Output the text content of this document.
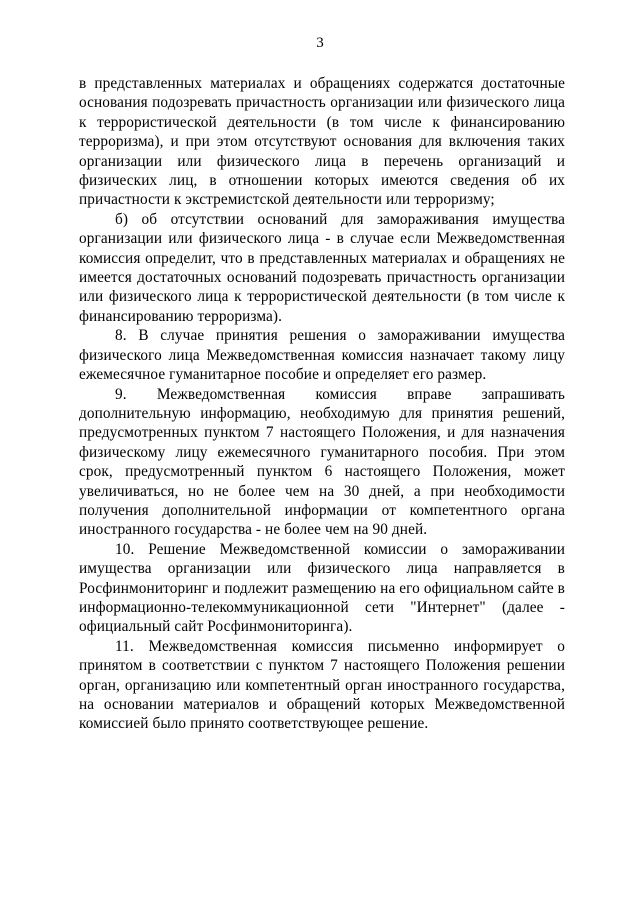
3

в представленных материалах и обращениях содержатся достаточные основания подозревать причастность организации или физического лица к террористической деятельности (в том числе к финансированию терроризма), и при этом отсутствуют основания для включения таких организации или физического лица в перечень организаций и физических лиц, в отношении которых имеются сведения об их причастности к экстремистской деятельности или терроризму;

б) об отсутствии оснований для замораживания имущества организации или физического лица - в случае если Межведомственная комиссия определит, что в представленных материалах и обращениях не имеется достаточных оснований подозревать причастность организации или физического лица к террористической деятельности (в том числе к финансированию терроризма).

8. В случае принятия решения о замораживании имущества физического лица Межведомственная комиссия назначает такому лицу ежемесячное гуманитарное пособие и определяет его размер.

9. Межведомственная комиссия вправе запрашивать дополнительную информацию, необходимую для принятия решений, предусмотренных пунктом 7 настоящего Положения, и для назначения физическому лицу ежемесячного гуманитарного пособия. При этом срок, предусмотренный пунктом 6 настоящего Положения, может увеличиваться, но не более чем на 30 дней, а при необходимости получения дополнительной информации от компетентного органа иностранного государства - не более чем на 90 дней.

10. Решение Межведомственной комиссии о замораживании имущества организации или физического лица направляется в Росфинмониторинг и подлежит размещению на его официальном сайте в информационно-телекоммуникационной сети "Интернет" (далее - официальный сайт Росфинмониторинга).

11. Межведомственная комиссия письменно информирует о принятом в соответствии с пунктом 7 настоящего Положения решении орган, организацию или компетентный орган иностранного государства, на основании материалов и обращений которых Межведомственной комиссией было принято соответствующее решение.
